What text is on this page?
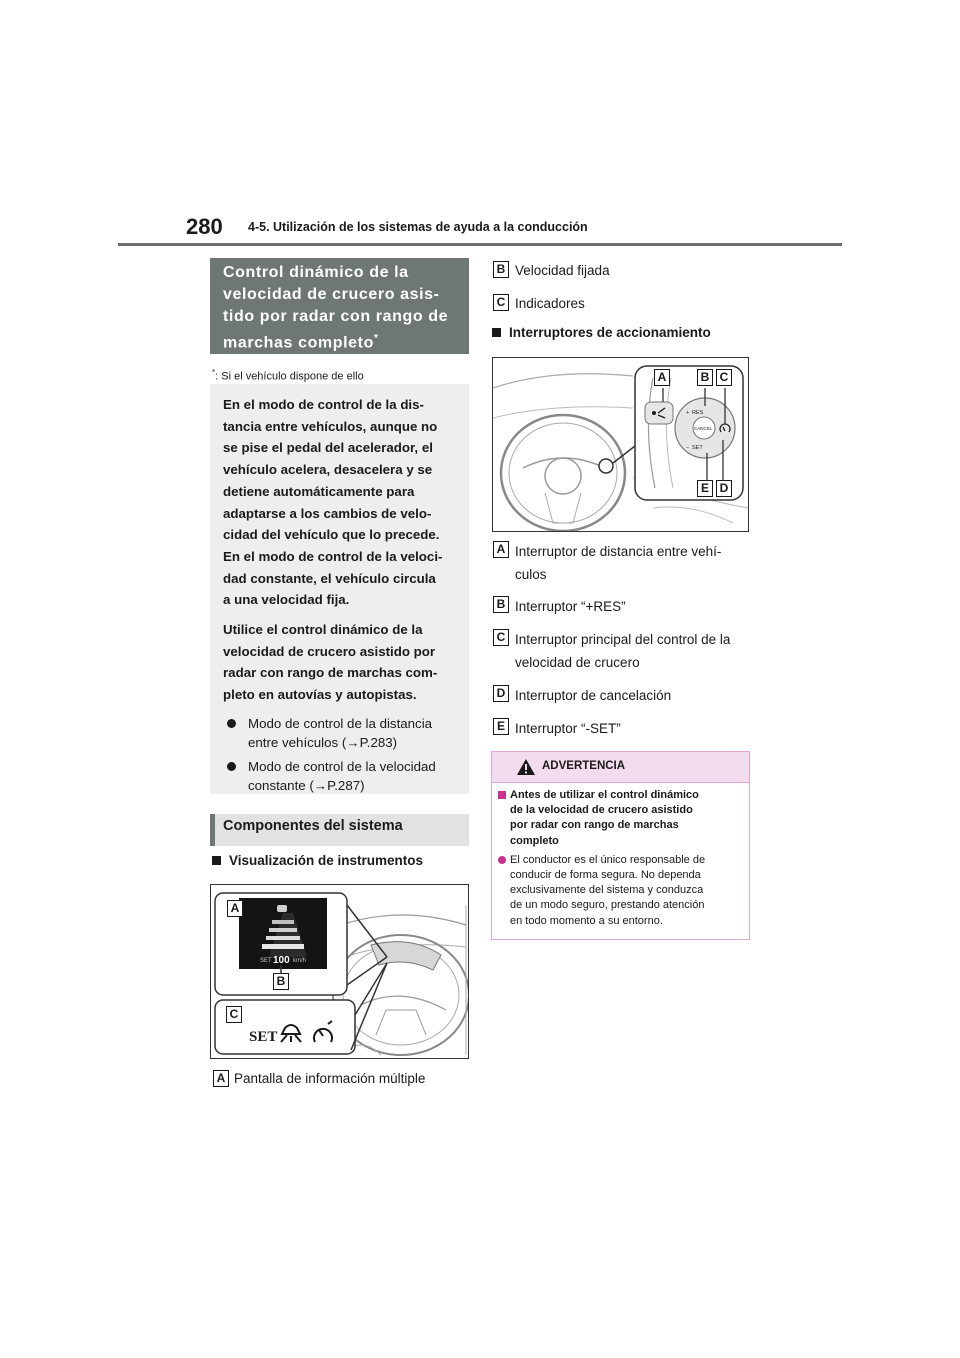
280 4-5. Utilización de los sistemas de ayuda a la conducción
Control dinámico de la
velocidad de crucero asis-
tido por radar con rango de
marchas completo*
*: Si el vehículo dispone de ello
En el modo de control de la dis-
tancia entre vehículos, aunque no
se pise el pedal del acelerador, el
vehículo acelera, desacelera y se
detiene automáticamente para
adaptarse a los cambios de velo-
cidad del vehículo que lo precede.
En el modo de control de la veloci-
dad constante, el vehículo circula
a una velocidad fija.
Utilice el control dinámico de la
velocidad de crucero asistido por
radar con rango de marchas com-
pleto en autovías y autopistas.
Modo de control de la distancia
entre vehículos (→P.283)
Modo de control de la velocidad
constante (→P.287)
Componentes del sistema
Visualización de instrumentos
SET 100 km/h
SET
A
B
C
A Pantalla de información múltiple
B Velocidad fijada
C Indicadores
Interruptores de accionamiento
+ RES
CANCEL
− SET
A	B C
E D
A Interruptor de distancia entre vehí-
culos
B Interruptor “+RES”
C Interruptor principal del control de la
velocidad de crucero
D Interruptor de cancelación
E Interruptor “-SET”
ADVERTENCIA
Antes de utilizar el control dinámico
de la velocidad de crucero asistido
por radar con rango de marchas
completo
El conductor es el único responsable de
conducir de forma segura. No dependa
exclusivamente del sistema y conduzca
de un modo seguro, prestando atención
en todo momento a su entorno.
